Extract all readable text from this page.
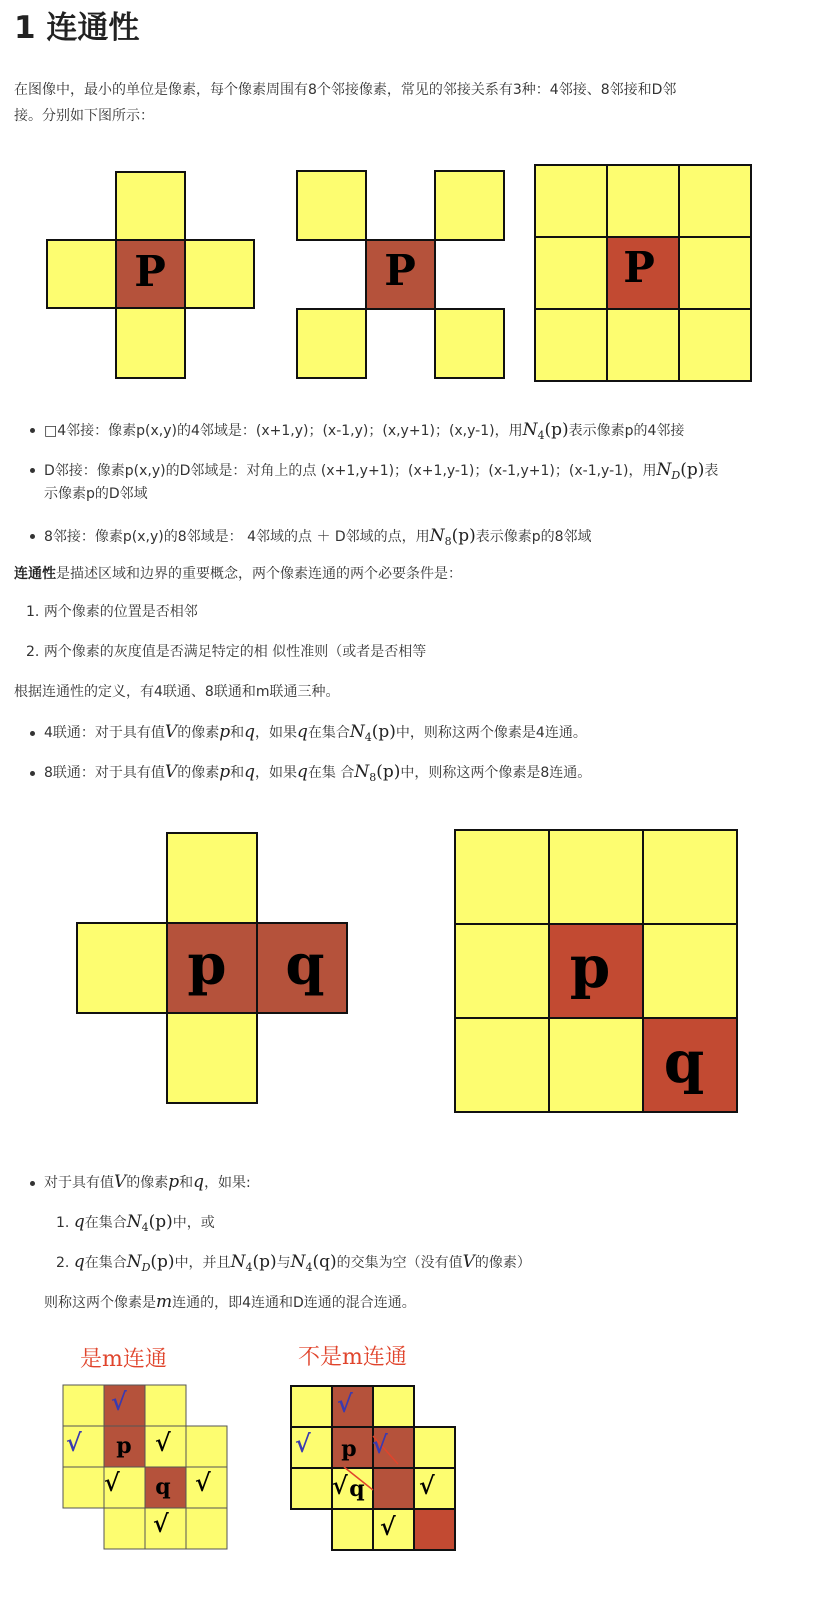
1 连通性
在图像中，最小的单位是像素，每个像素周围有8个邻接像素，常见的邻接关系有3种：4邻接、8邻接和D邻
接。分别如下图所示：
P	P	P
□4邻接：像素p(x,y)的4邻域是：(x+1,y)；(x-1,y)；(x,y+1)；(x,y-1)，用$N_4(p)$表示像素p的4邻接
D邻接：像素p(x,y)的D邻域是：对角上的点 (x+1,y+1)；(x+1,y-1)；(x-1,y+1)；(x-1,y-1)，用$N_D(p)$表
示像素p的D邻域
8邻接：像素p(x,y)的8邻域是： 4邻域的点 ＋ D邻域的点，用$N_8(p)$表示像素p的8邻域
连通性是描述区域和边界的重要概念，两个像素连通的两个必要条件是：
1. 两个像素的位置是否相邻
2. 两个像素的灰度值是否满足特定的相 似性准则（或者是否相等
根据连通性的定义，有4联通、8联通和m联通三种。
4联通：对于具有值V的像素p和q，如果q在集合$N_4(p)$中，则称这两个像素是4连通。
8联通：对于具有值V的像素p和q，如果q在集 合$N_8(p)$中，则称这两个像素是8连通。
p q	p
q
对于具有值V的像素p和q，如果:
1. q在集合$N_4(p)$中，或
2. q在集合$N_D(p)$中，并且$N_4(p)$与$N_4(q)$的交集为空（没有值V的像素）
则称这两个像素是m连通的，即4连通和D连通的混合连通。
是m连通
√
√ p √
√ q √
√
不是m连通
√
√ p √
√ q √
√
